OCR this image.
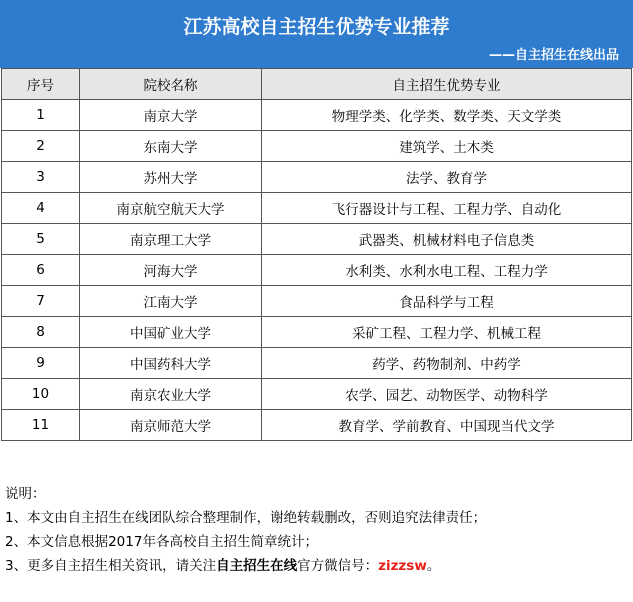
江苏高校自主招生优势专业推荐
——自主招生在线出品
序号	院校名称	自主招生优势专业
1	南京大学	物理学类、化学类、数学类、天文学类
2	东南大学	建筑学、土木类
3	苏州大学	法学、教育学
4	南京航空航天大学	飞行器设计与工程、工程力学、自动化
5	南京理工大学	武器类、机械材料电子信息类
6	河海大学	水利类、水利水电工程、工程力学
7	江南大学	食品科学与工程
8	中国矿业大学	采矿工程、工程力学、机械工程
9	中国药科大学	药学、药物制剂、中药学
10	南京农业大学	农学、园艺、动物医学、动物科学
11	南京师范大学	教育学、学前教育、中国现当代文学

说明：

1、本文由自主招生在线团队综合整理制作，谢绝转载删改，否则追究法律责任；

2、本文信息根据2017年各高校自主招生简章统计；

3、更多自主招生相关资讯，请关注自主招生在线官方微信号：zizzsw。
